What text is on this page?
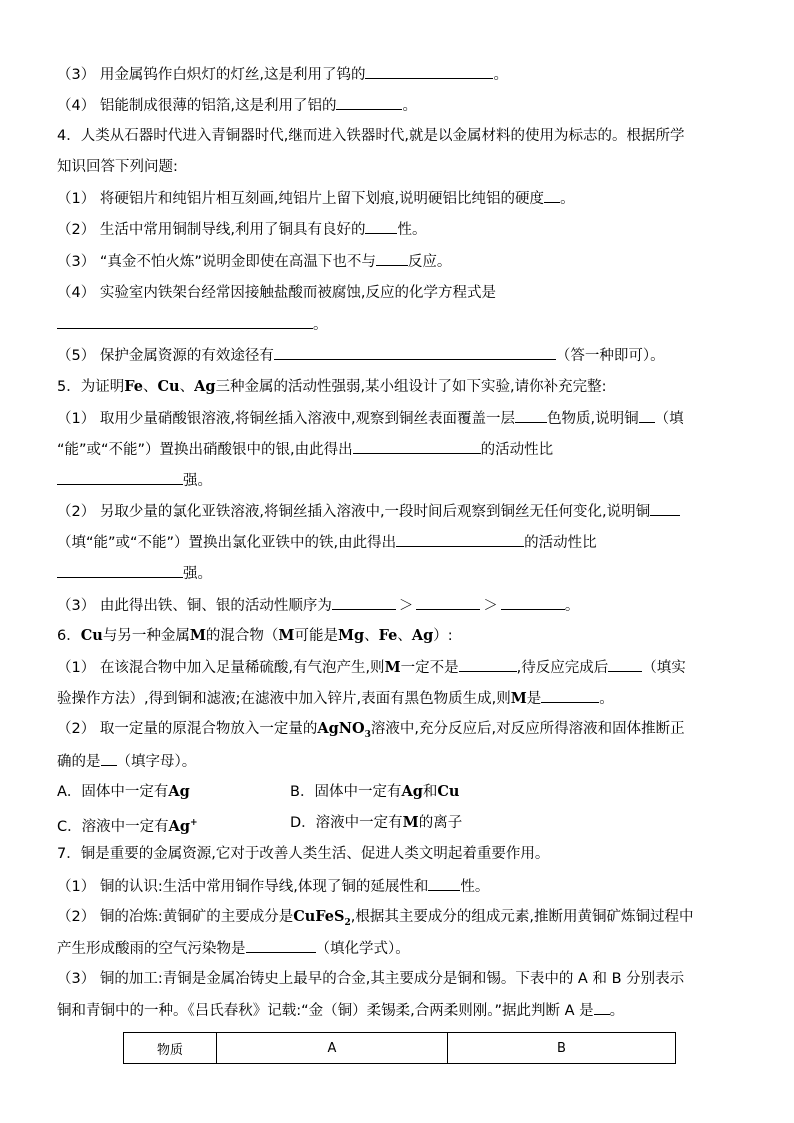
（3） 用金属钨作白炽灯的灯丝,这是利用了钨的	。
（4） 铝能制成很薄的铝箔,这是利用了铝的	。
4．人类从石器时代进入青铜器时代,继而进入铁器时代,就是以金属材料的使用为标志的。根据所学
知识回答下列问题:
（1） 将硬铝片和纯铝片相互刻画,纯铝片上留下划痕,说明硬铝比纯铝的硬度 。
（2） 生活中常用铜制导线,利用了铜具有良好的 性。
（3） “真金不怕火炼”说明金即使在高温下也不与 反应。
（4） 实验室内铁架台经常因接触盐酸而被腐蚀,反应的化学方程式是
。
（5） 保护金属资源的有效途径有	（答一种即可）。
5．为证明Fe、Cu、Ag三种金属的活动性强弱,某小组设计了如下实验,请你补充完整:
（1） 取用少量硝酸银溶液,将铜丝插入溶液中,观察到铜丝表面覆盖一层 色物质,说明铜 （填
“能”或“不能”）置换出硝酸银中的银,由此得出	的活动性比
强。
（2） 另取少量的氯化亚铁溶液,将铜丝插入溶液中,一段时间后观察到铜丝无任何变化,说明铜
（填“能”或“不能”）置换出氯化亚铁中的铁,由此得出	的活动性比
强。
（3） 由此得出铁、铜、银的活动性顺序为	＞	＞	。
6．Cu与另一种金属M的混合物（M可能是Mg、Fe、Ag）:
（1） 在该混合物中加入足量稀硫酸,有气泡产生,则M一定不是	,待反应完成后 （填实
验操作方法）,得到铜和滤液;在滤液中加入锌片,表面有黑色物质生成,则M是	。
（2） 取一定量的原混合物放入一定量的AgNO$_3$溶液中,充分反应后,对反应所得溶液和固体推断正
确的是 （填字母）。
A．固体中一定有Ag	B．固体中一定有Ag和Cu
C．溶液中一定有Ag+	D．溶液中一定有M的离子
7．铜是重要的金属资源,它对于改善人类生活、促进人类文明起着重要作用。
（1） 铜的认识:生活中常用铜作导线,体现了铜的延展性和 性。
（2） 铜的冶炼:黄铜矿的主要成分是CuFeS$_2$,根据其主要成分的组成元素,推断用黄铜矿炼铜过程中
产生形成酸雨的空气污染物是	（填化学式）。
（3） 铜的加工:青铜是金属冶铸史上最早的合金,其主要成分是铜和锡。下表中的 A 和 B 分别表示
铜和青铜中的一种。《吕氏春秋》记载:“金（铜）柔锡柔,合两柔则刚。”据此判断 A 是 。
物质	A	B
